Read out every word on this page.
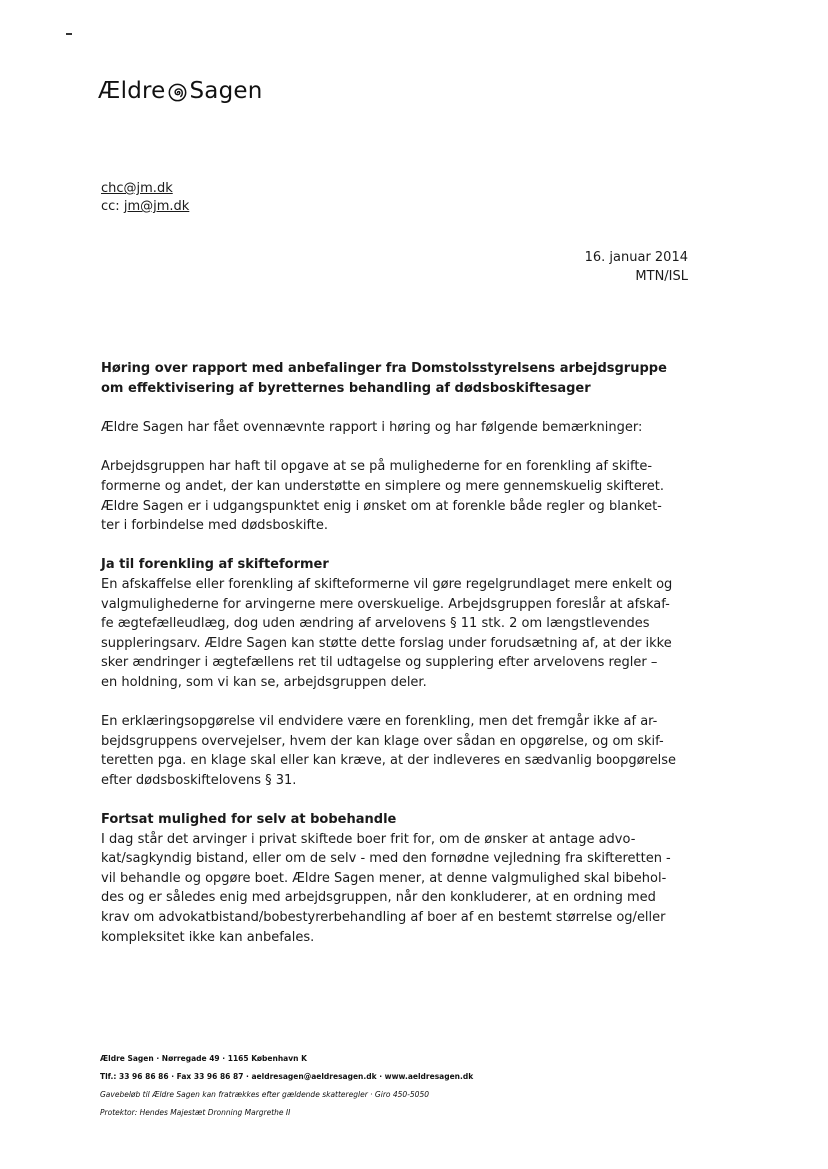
Ældre Sagen
chc@jm.dk
cc: jm@jm.dk
16. januar 2014
MTN/ISL
Høring over rapport med anbefalinger fra Domstolsstyrelsens arbejdsgruppe
om effektivisering af byretternes behandling af dødsboskiftesager
Ældre Sagen har fået ovennævnte rapport i høring og har følgende bemærkninger:
Arbejdsgruppen har haft til opgave at se på mulighederne for en forenkling af skifte-
formerne og andet, der kan understøtte en simplere og mere gennemskuelig skifteret.
Ældre Sagen er i udgangspunktet enig i ønsket om at forenkle både regler og blanket-
ter i forbindelse med dødsboskifte.
Ja til forenkling af skifteformer
En afskaffelse eller forenkling af skifteformerne vil gøre regelgrundlaget mere enkelt og
valgmulighederne for arvingerne mere overskuelige. Arbejdsgruppen foreslår at afskaf-
fe ægtefælleudlæg, dog uden ændring af arvelovens § 11 stk. 2 om længstlevendes
suppleringsarv. Ældre Sagen kan støtte dette forslag under forudsætning af, at der ikke
sker ændringer i ægtefællens ret til udtagelse og supplering efter arvelovens regler –
en holdning, som vi kan se, arbejdsgruppen deler.
En erklæringsopgørelse vil endvidere være en forenkling, men det fremgår ikke af ar-
bejdsgruppens overvejelser, hvem der kan klage over sådan en opgørelse, og om skif-
teretten pga. en klage skal eller kan kræve, at der indleveres en sædvanlig boopgørelse
efter dødsboskiftelovens § 31.
Fortsat mulighed for selv at bobehandle
I dag står det arvinger i privat skiftede boer frit for, om de ønsker at antage advo-
kat/sagkyndig bistand, eller om de selv - med den fornødne vejledning fra skifteretten -
vil behandle og opgøre boet. Ældre Sagen mener, at denne valgmulighed skal bibehol-
des og er således enig med arbejdsgruppen, når den konkluderer, at en ordning med
krav om advokatbistand/bobestyrerbehandling af boer af en bestemt størrelse og/eller
kompleksitet ikke kan anbefales.
Ældre Sagen · Nørregade 49 · 1165 København K
Tlf.: 33 96 86 86 · Fax 33 96 86 87 · aeldresagen@aeldresagen.dk · www.aeldresagen.dk
Gavebeløb til Ældre Sagen kan fratrækkes efter gældende skatteregler · Giro 450-5050
Protektor: Hendes Majestæt Dronning Margrethe II
